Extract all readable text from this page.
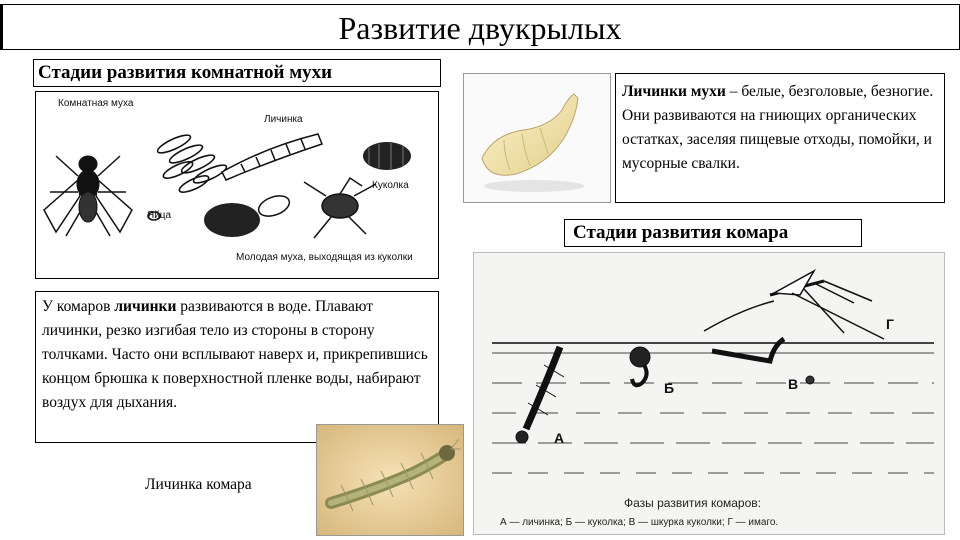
Развитие двукрылых
Стадии развития комнатной мухи
Комнатная муха
Личинка
Куколка
Яйца
Молодая муха, выходящая из куколки
Личинки мухи – белые, безголовые, безногие. Они развиваются на гниющих органических остатках, заселяя пищевые отходы, помойки, и мусорные свалки.
Стадии развития комара
У комаров личинки развиваются в воде. Плавают личинки, резко изгибая тело из стороны в сторону толчками. Часто они всплывают наверх и, прикрепившись концом брюшка к поверхностной пленке воды, набирают воздух для дыхания.
Личинка комара
А
Б	В
Г
Фазы развития комаров:
А — личинка; Б — куколка; В — шкурка куколки; Г — имаго.
